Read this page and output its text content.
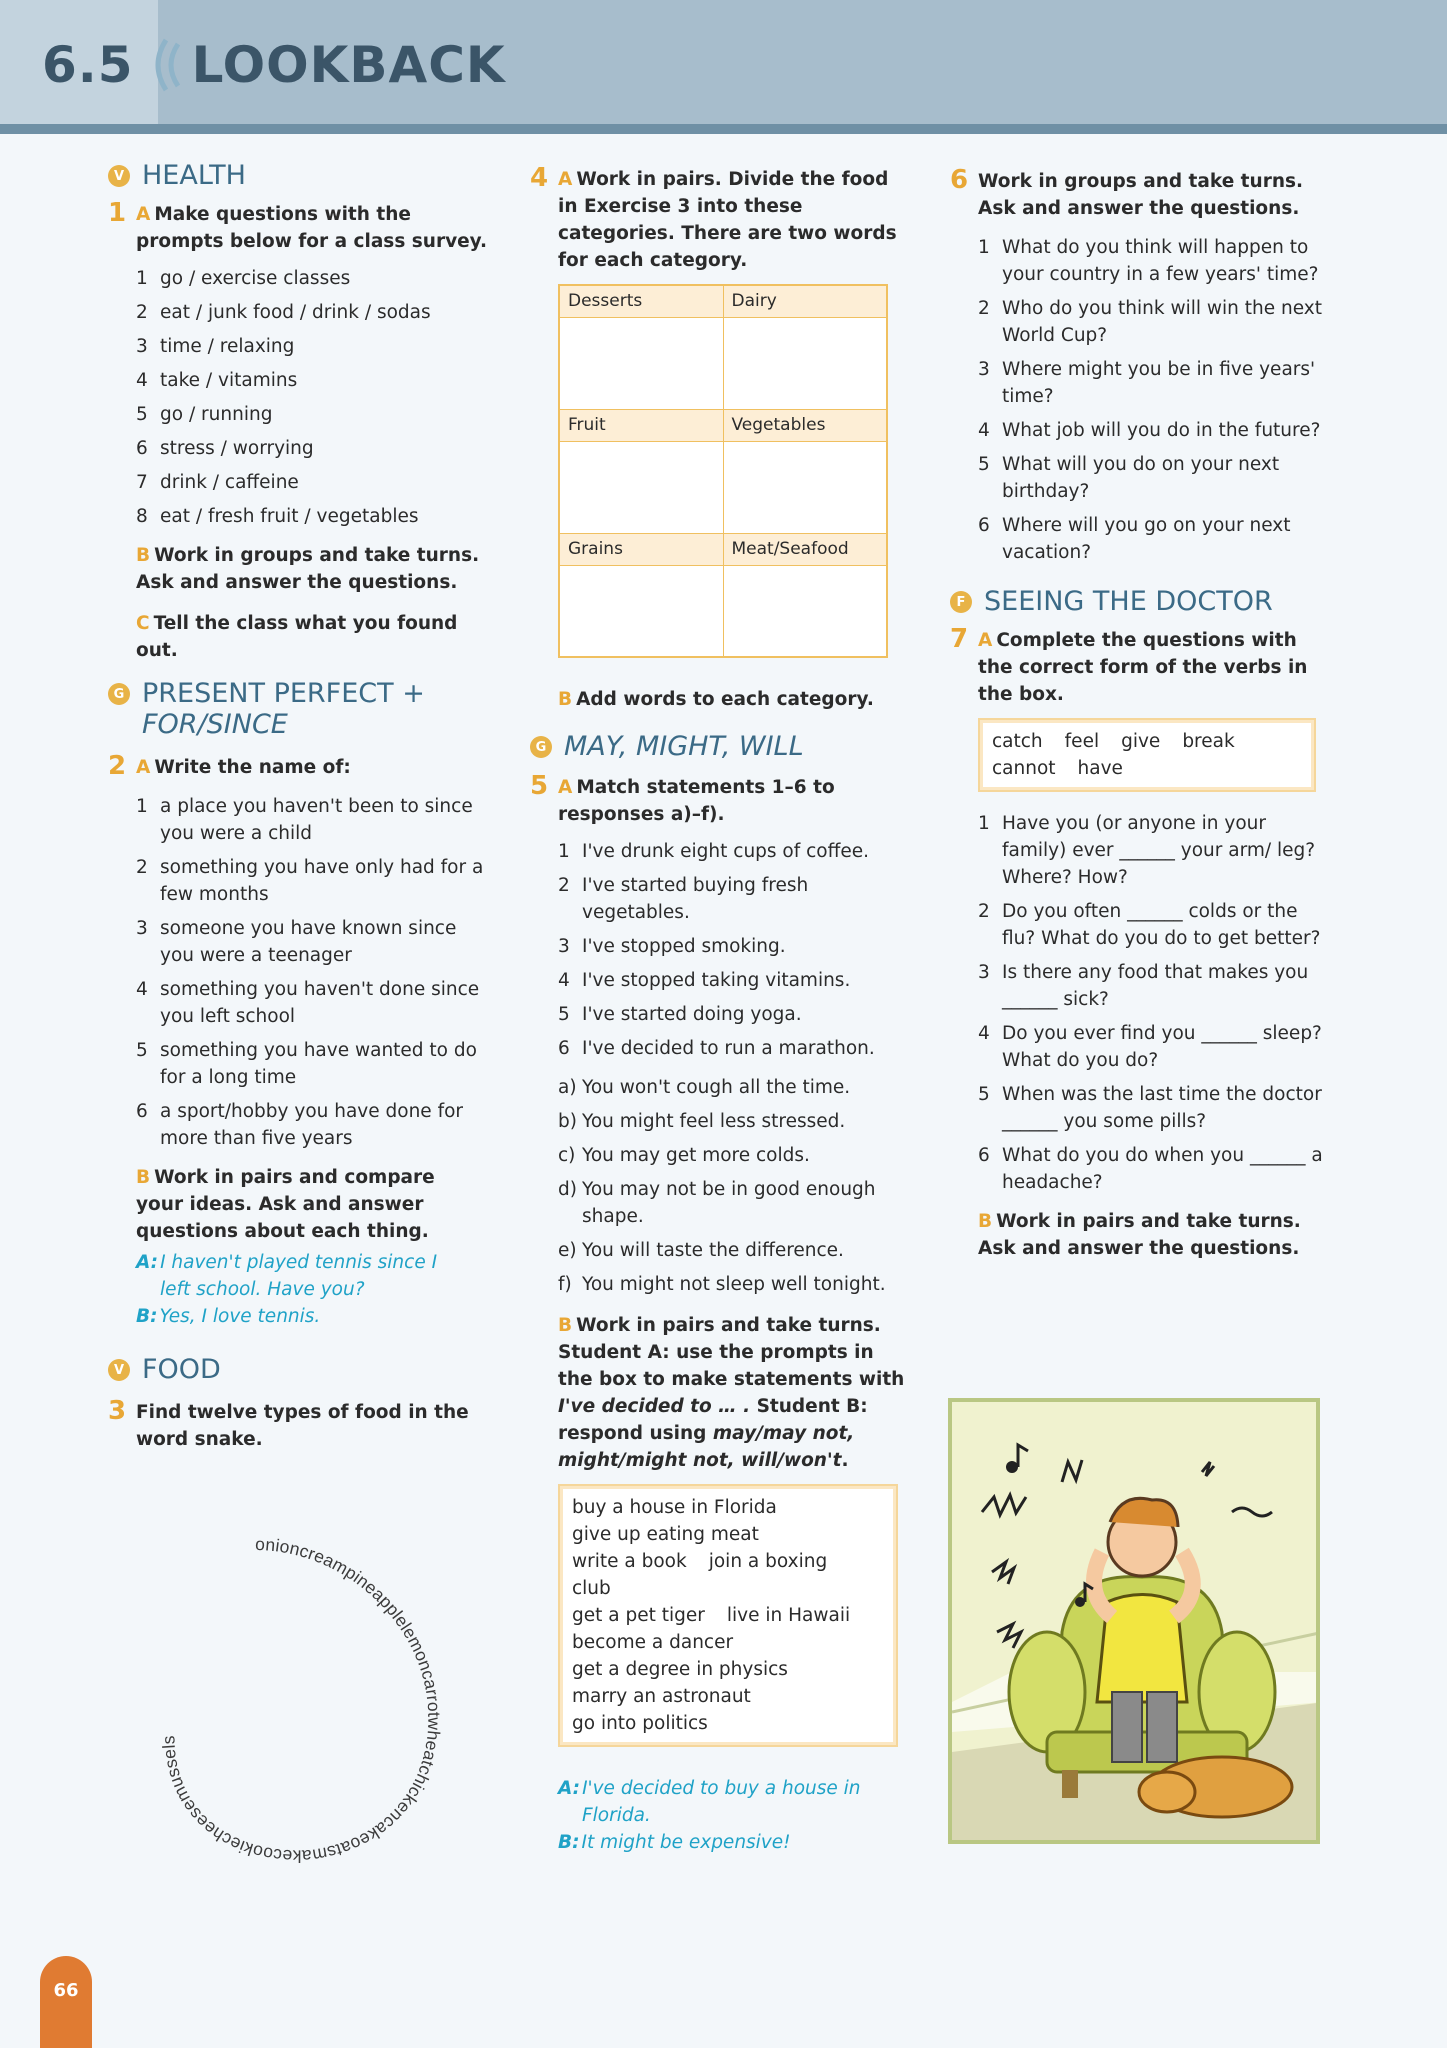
6.5 LOOKBACK
V HEALTH
1 A Make questions with the prompts below for a class survey.
1 go / exercise classes
2 eat / junk food / drink / sodas
3 time / relaxing
4 take / vitamins
5 go / running
6 stress / worrying
7 drink / caffeine
8 eat / fresh fruit / vegetables
B Work in groups and take turns. Ask and answer the questions.
C Tell the class what you found out.
G PRESENT PERFECT +
FOR/SINCE
2 A Write the name of:
1 a place you haven't been to since you were a child
2 something you have only had for a few months
3 someone you have known since you were a teenager
4 something you haven't done since you left school
5 something you have wanted to do for a long time
6 a sport/hobby you have done for more than five years
B Work in pairs and compare your ideas. Ask and answer questions about each thing.
A: I haven't played tennis since I
left school. Have you?
B: Yes, I love tennis.
V FOOD
3 Find twelve types of food in the word snake.
onioncreampineapplelemoncarrotwheatchickencakeoatsmakecookiecheesemussels
4 A Work in pairs. Divide the food in Exercise 3 into these categories. There are two words for each category.
Desserts	Dairy

Fruit	Vegetables

Grains	Meat/Seafood

B Add words to each category.
G MAY, MIGHT, WILL
5 A Match statements 1–6 to responses a)–f).
1 I've drunk eight cups of coffee.
2 I've started buying fresh vegetables.
3 I've stopped smoking.
4 I've stopped taking vitamins.
5 I've started doing yoga.
6 I've decided to run a marathon.
a) You won't cough all the time.
b) You might feel less stressed.
c) You may get more colds.
d) You may not be in good enough shape.
e) You will taste the difference.
f) You might not sleep well tonight.
B Work in pairs and take turns. Student A: use the prompts in the box to make statements with I've decided to … . Student B: respond using may/may not, might/might not, will/won't.
buy a house in Florida
give up eating meat
write a book join a boxing club
get a pet tiger live in Hawaii
become a dancer
get a degree in physics
marry an astronaut
go into politics
A: I've decided to buy a house in
Florida.
B: It might be expensive!
6 Work in groups and take turns. Ask and answer the questions.
1 What do you think will happen to your country in a few years' time?
2 Who do you think will win the next World Cup?
3 Where might you be in five years' time?
4 What job will you do in the future?
5 What will you do on your next birthday?
6 Where will you go on your next vacation?
F SEEING THE DOCTOR
7 A Complete the questions with the correct form of the verbs in the box.
catch feel give break
cannot have
1 Have you (or anyone in your family) ever ______ your arm/ leg? Where? How?
2 Do you often ______ colds or the flu? What do you do to get better?
3 Is there any food that makes you ______ sick?
4 Do you ever find you ______ sleep? What do you do?
5 When was the last time the doctor ______ you some pills?
6 What do you do when you ______ a headache?
B Work in pairs and take turns. Ask and answer the questions.
66
